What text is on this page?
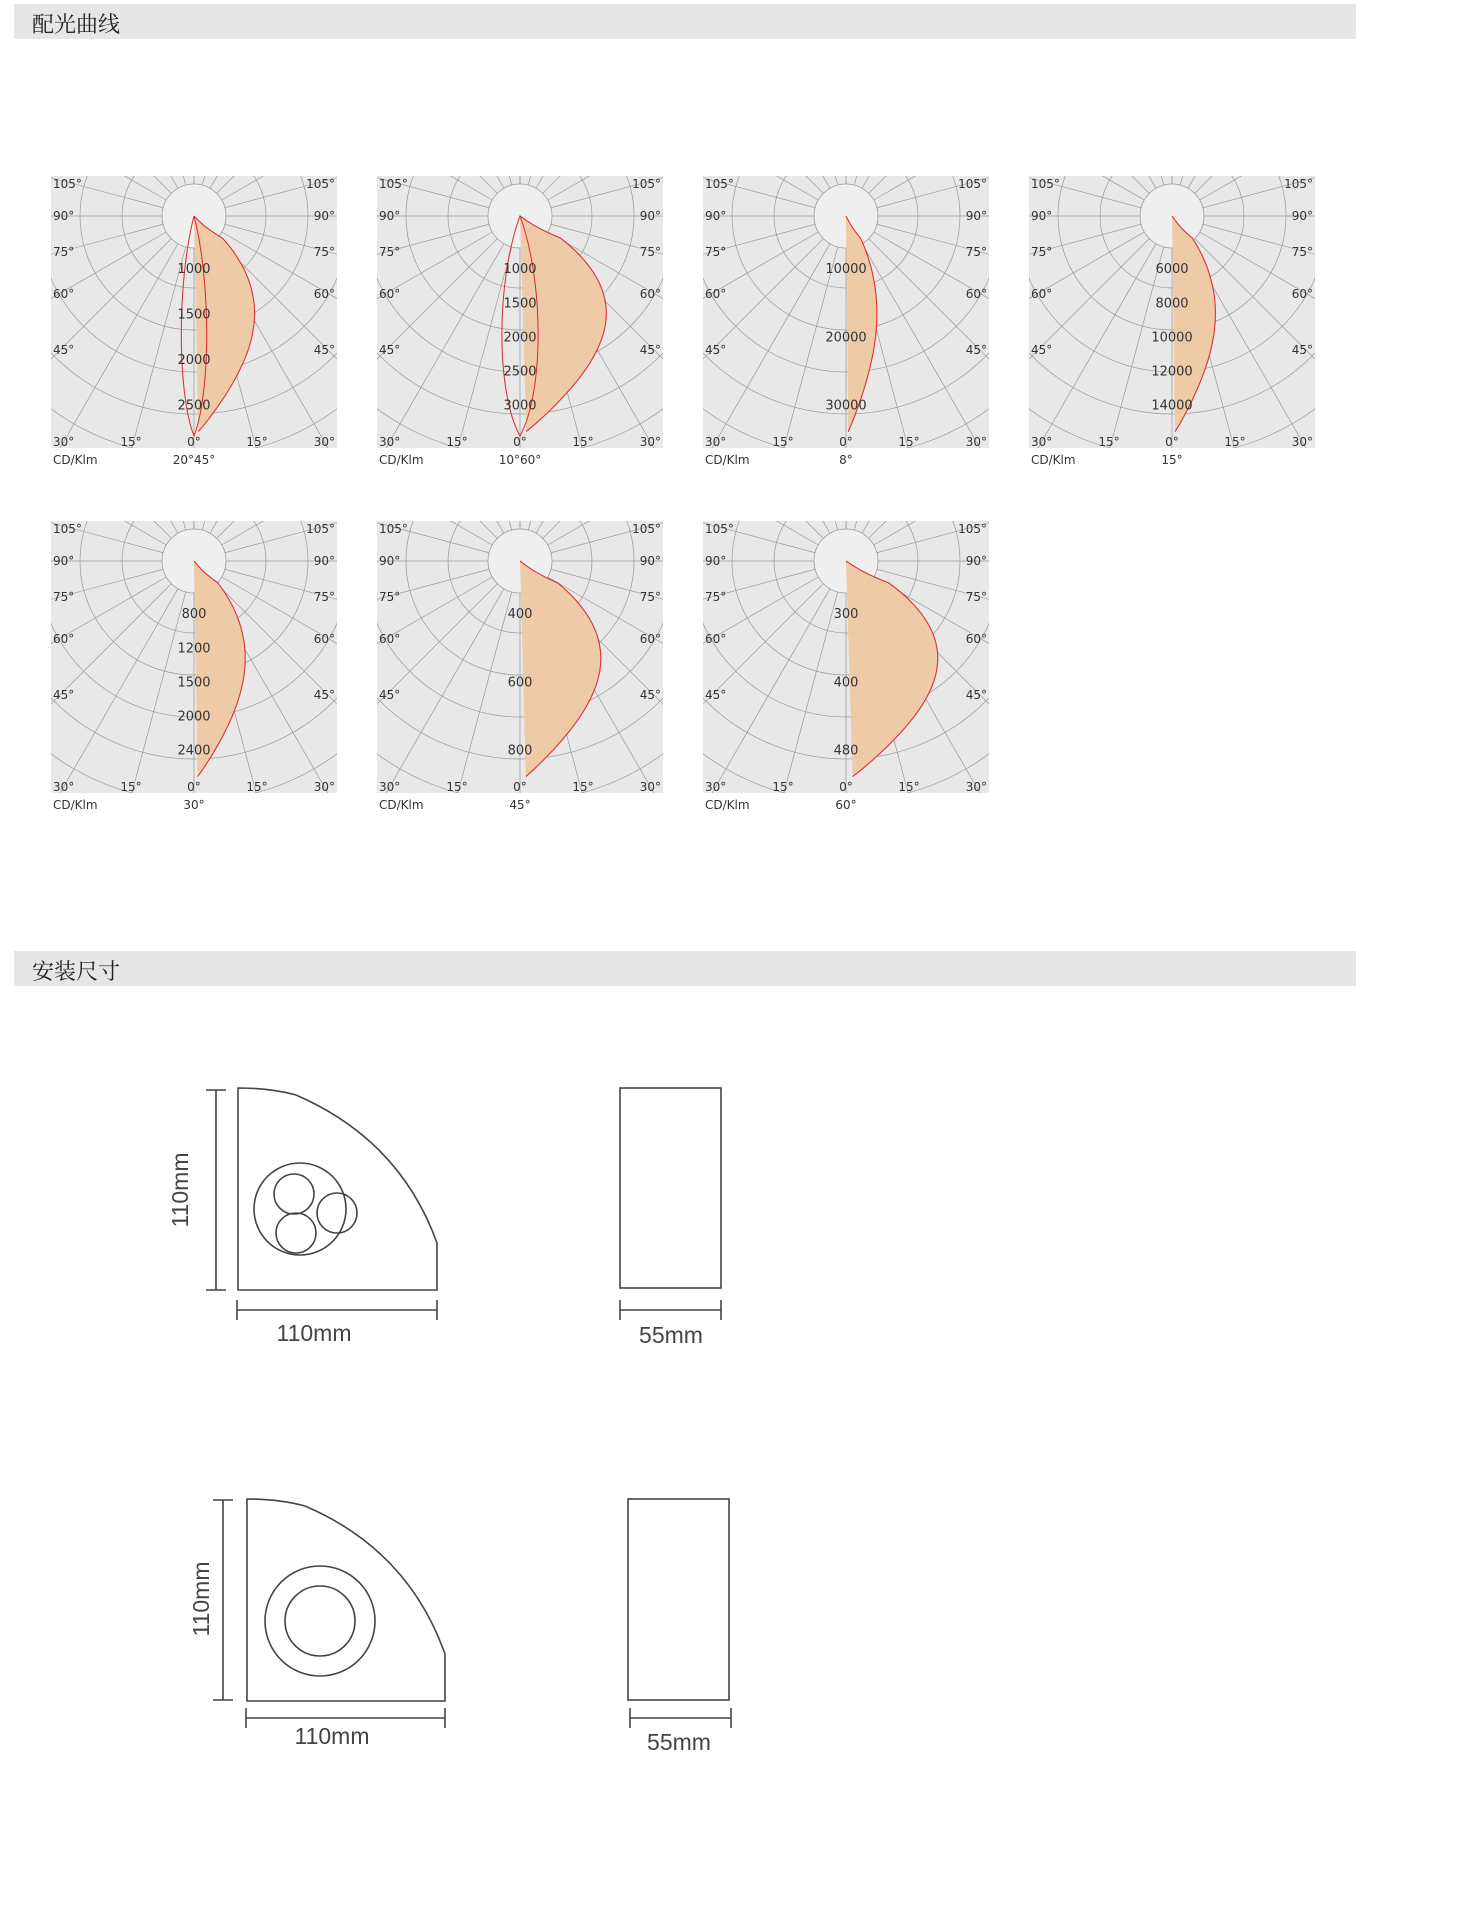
配光曲线
安装尺寸
1000
1500
2000
2500
105°	105°
90°	90°
75°	75°
60°	60°
45°	45°
30°	15°	0°	15°	30°
CD/Klm	20°45°
1000
1500
2000
2500
3000
105°	105°
90°	90°
75°	75°
60°	60°
45°	45°
30°	15°	0°	15°	30°
CD/Klm	10°60°
10000
20000
30000
105°	105°
90°	90°
75°	75°
60°	60°
45°	45°
30°	15°	0°	15°	30°
CD/Klm	8°
6000
8000
10000
12000
14000
105°	105°
90°	90°
75°	75°
60°	60°
45°	45°
30°	15°	0°	15°	30°
CD/Klm	15°
800
1200
1500
2000
2400
105°	105°
90°	90°
75°	75°
60°	60°
45°	45°
30°	15°	0°	15°	30°
CD/Klm	30°
400
600
800
105°	105°
90°	90°
75°	75°
60°	60°
45°	45°
30°	15°	0°	15°	30°
CD/Klm	45°
300
400
480
105°	105°
90°	90°
75°	75°
60°	60°
45°	45°
30°	15°	0°	15°	30°
CD/Klm	60°
110mm
110mm	55mm
110mm
110mm	55mm
